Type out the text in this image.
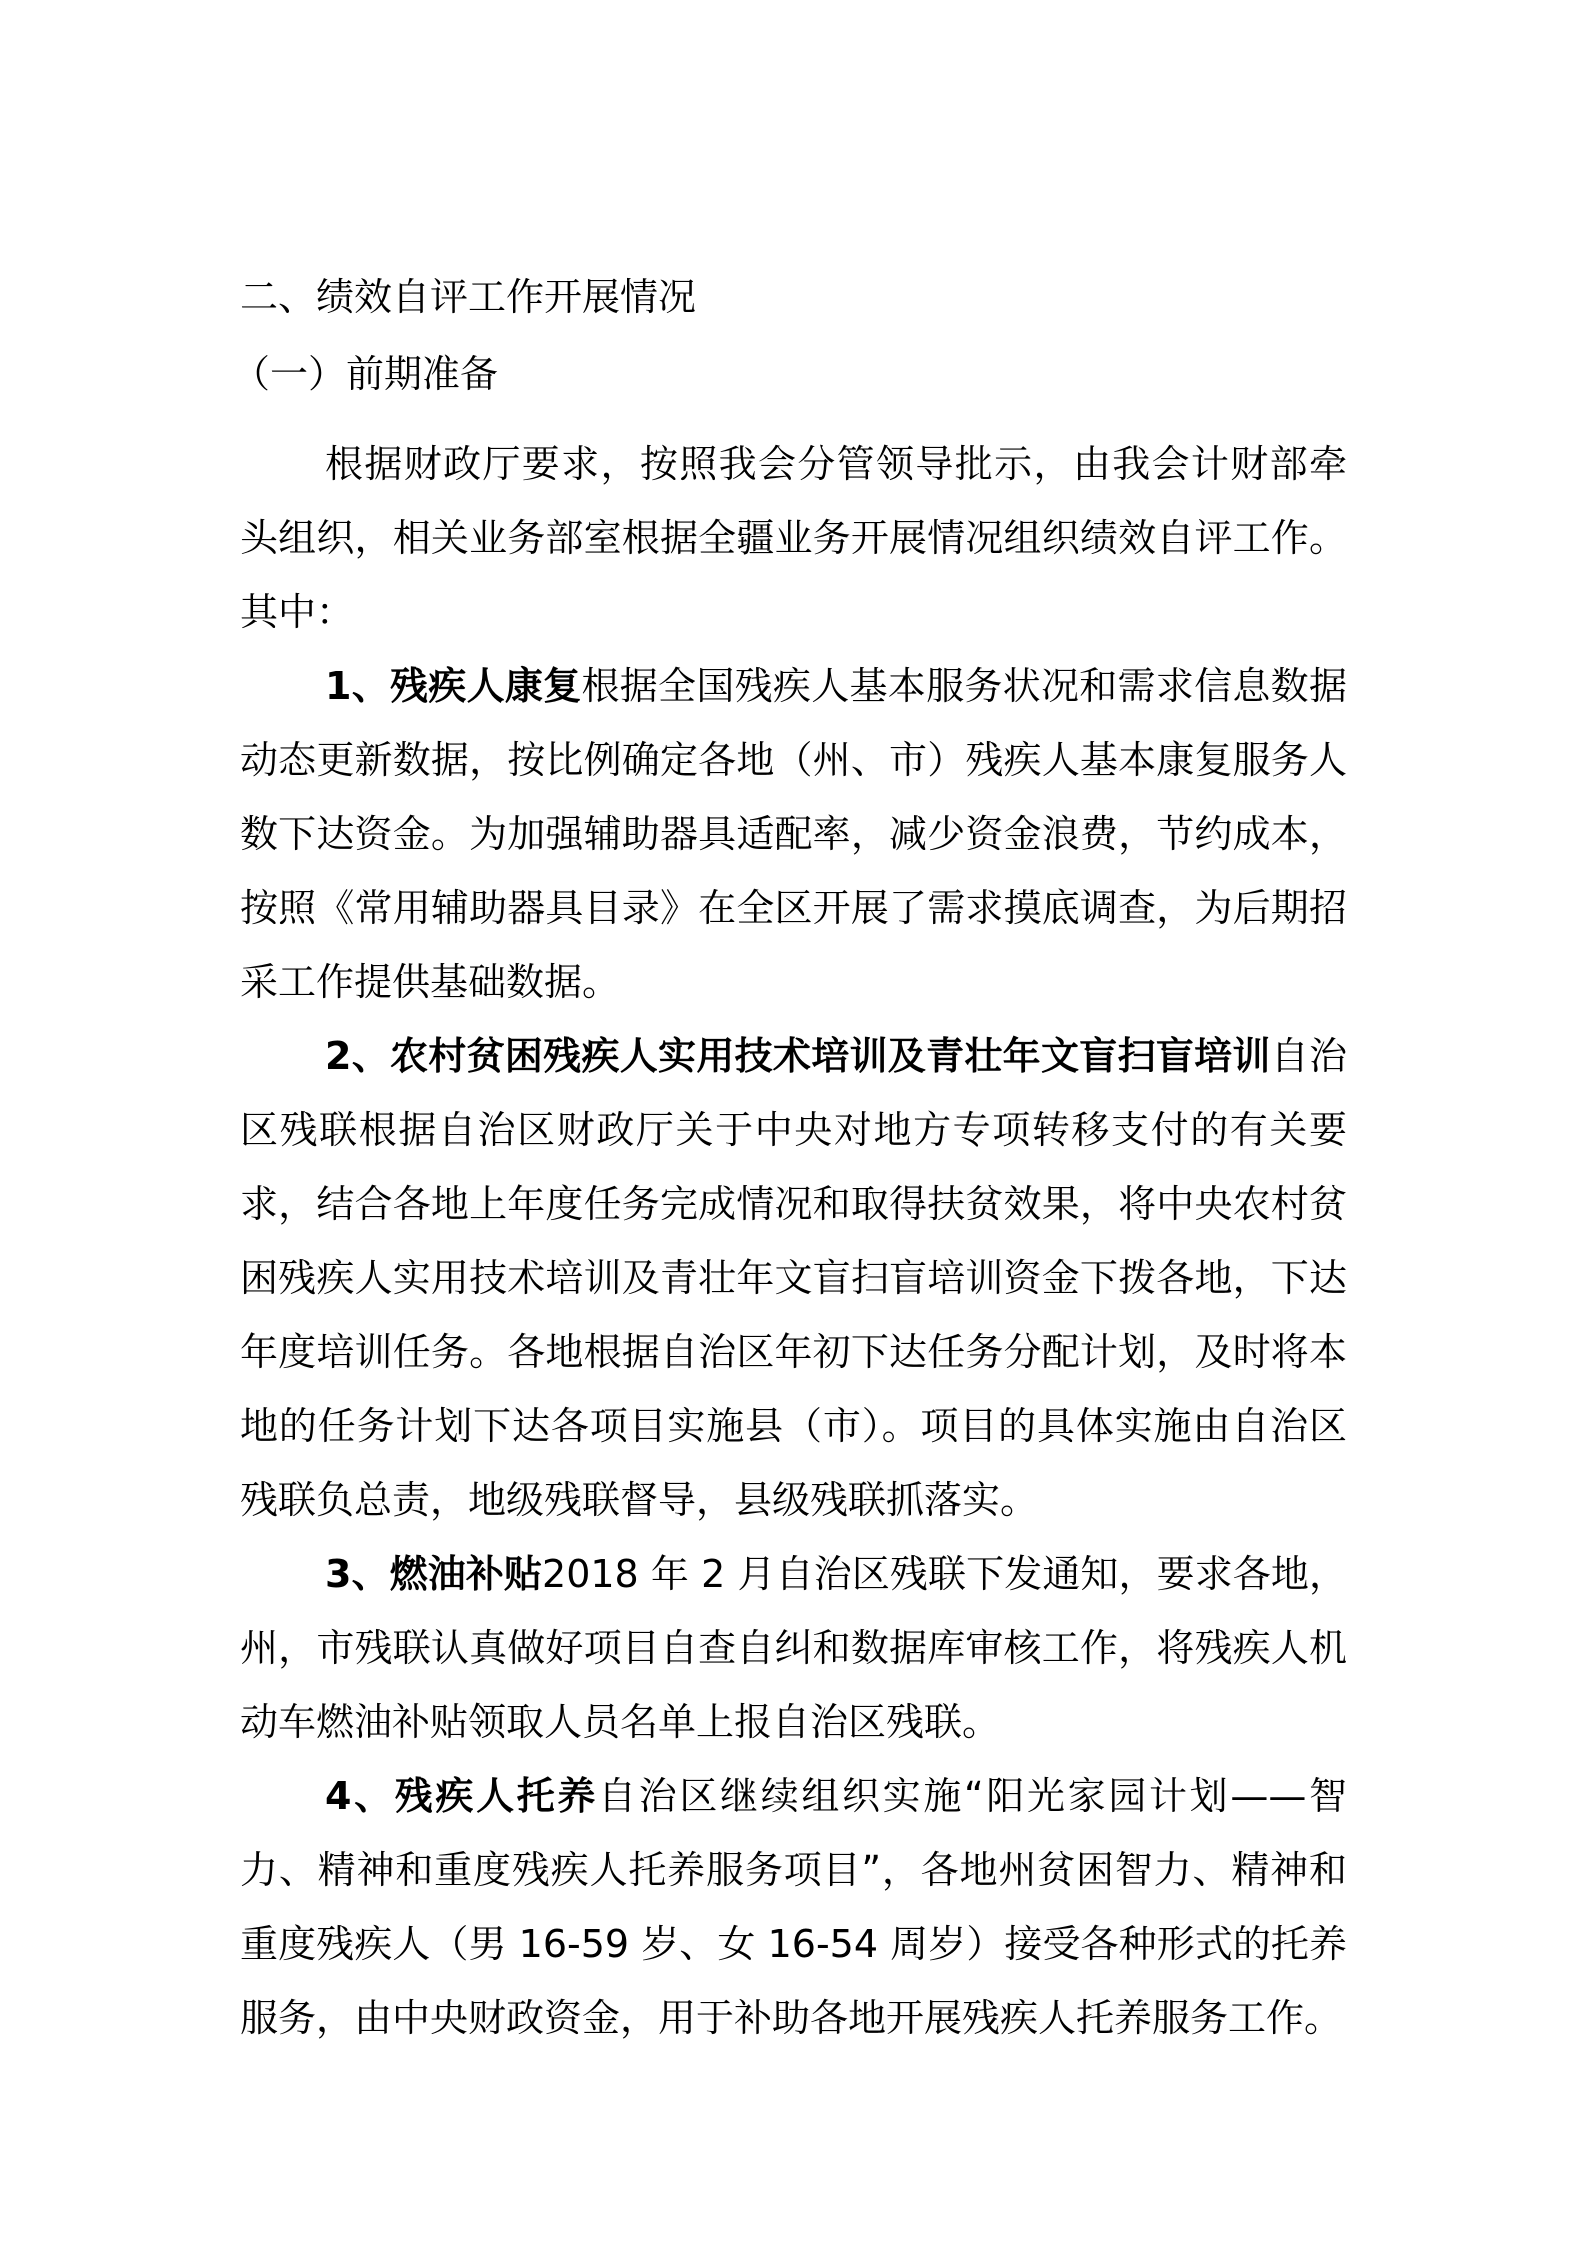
二、绩效自评工作开展情况

（一）前期准备

根据财政厅要求，按照我会分管领导批示，由我会计财部牵头组织，相关业务部室根据全疆业务开展情况组织绩效自评工作。其中：

1、残疾人康复根据全国残疾人基本服务状况和需求信息数据动态更新数据，按比例确定各地（州、市）残疾人基本康复服务人数下达资金。为加强辅助器具适配率，减少资金浪费，节约成本，按照《常用辅助器具目录》在全区开展了需求摸底调查，为后期招采工作提供基础数据。

2、农村贫困残疾人实用技术培训及青壮年文盲扫盲培训自治区残联根据自治区财政厅关于中央对地方专项转移支付的有关要求，结合各地上年度任务完成情况和取得扶贫效果，将中央农村贫困残疾人实用技术培训及青壮年文盲扫盲培训资金下拨各地，下达年度培训任务。各地根据自治区年初下达任务分配计划，及时将本地的任务计划下达各项目实施县（市）。项目的具体实施由自治区残联负总责，地级残联督导，县级残联抓落实。

3、燃油补贴2018 年 2 月自治区残联下发通知，要求各地，州，市残联认真做好项目自查自纠和数据库审核工作，将残疾人机动车燃油补贴领取人员名单上报自治区残联。

4、残疾人托养自治区继续组织实施“阳光家园计划——智力、精神和重度残疾人托养服务项目”，各地州贫困智力、精神和重度残疾人（男 16-59 岁、女 16-54 周岁）接受各种形式的托养服务，由中央财政资金，用于补助各地开展残疾人托养服务工作。
